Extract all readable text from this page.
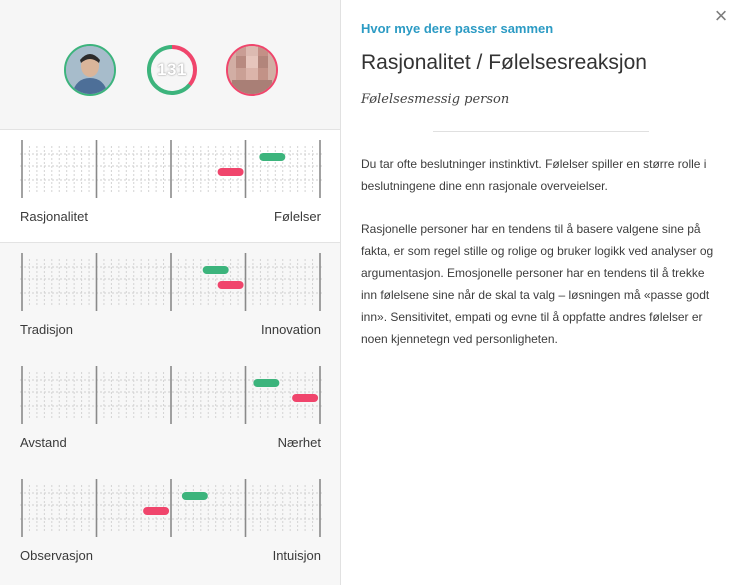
131
Rasjonalitet	Følelser
Tradisjon	Innovation
Avstand	Nærhet
Observasjon	Intuisjon
×
Hvor mye dere passer sammen
Rasjonalitet / Følelsesreaksjon
Følelsesmessig person
Du tar ofte beslutninger instinktivt. Følelser spiller en større rolle i beslutningene dine enn rasjonale overveielser.
Rasjonelle personer har en tendens til å basere valgene sine på fakta, er som regel stille og rolige og bruker logikk ved analyser og argumentasjon. Emosjonelle personer har en tendens til å trekke inn følelsene sine når de skal ta valg – løsningen må «passe godt inn». Sensitivitet, empati og evne til å oppfatte andres følelser er noen kjennetegn ved personligheten.
